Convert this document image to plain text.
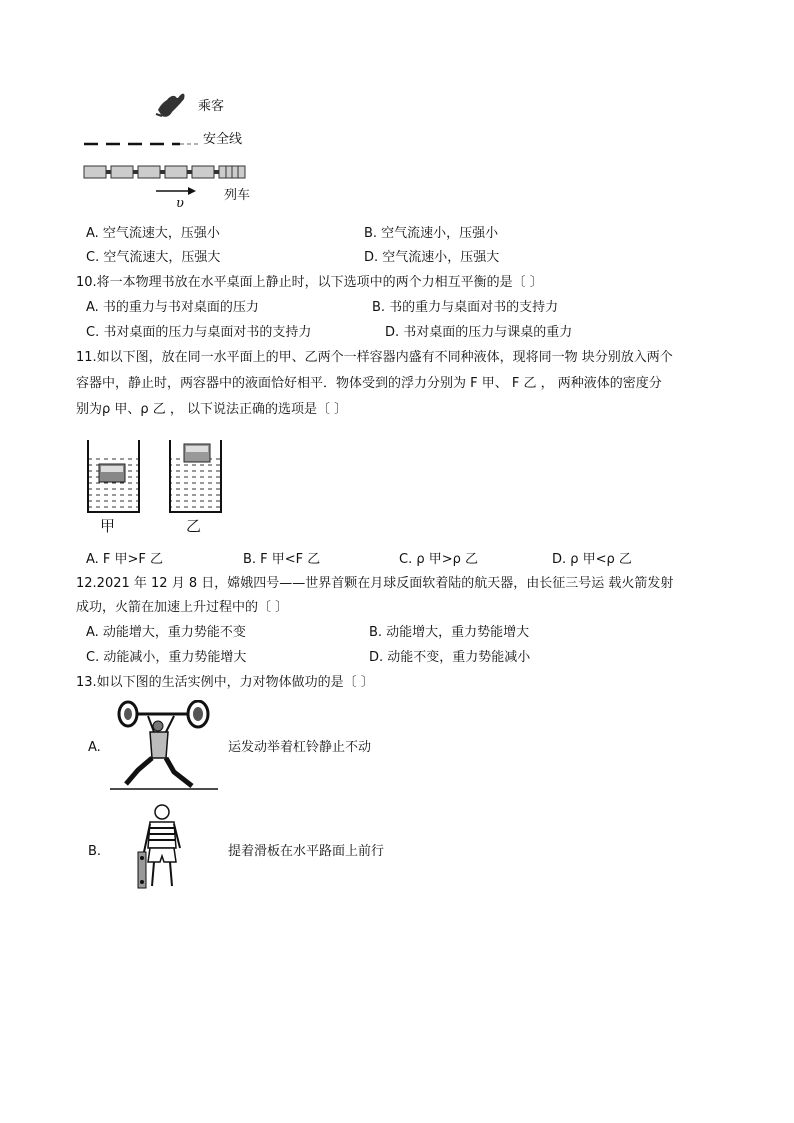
乘客
安全线
列车
υ
A. 空气流速大，压强小	B. 空气流速小，压强小
C. 空气流速大，压强大	D. 空气流速小，压强大
10.将一本物理书放在水平桌面上静止时，以下选项中的两个力相互平衡的是〔 〕
A. 书的重力与书对桌面的压力	B. 书的重力与桌面对书的支持力
C. 书对桌面的压力与桌面对书的支持力	D. 书对桌面的压力与课桌的重力
11.如以下图，放在同一水平面上的甲、乙两个一样容器内盛有不同种液体，现将同一物 块分别放入两个
容器中，静止时，两容器中的液面恰好相平．物体受到的浮力分别为 F 甲、 F 乙 ， 两种液体的密度分
别为ρ 甲、ρ 乙 ， 以下说法正确的选项是〔 〕
甲	乙
A. F 甲>F 乙	B. F 甲<F 乙	C. ρ 甲>ρ 乙	D. ρ 甲<ρ 乙
12.2021 年 12 月 8 日，嫦娥四号——世界首颗在月球反面软着陆的航天器，由长征三号运 载火箭发射
成功，火箭在加速上升过程中的〔 〕
A. 动能增大，重力势能不变	B. 动能增大，重力势能增大
C. 动能减小，重力势能增大	D. 动能不变，重力势能减小
13.如以下图的生活实例中，力对物体做功的是〔 〕
A.	运发动举着杠铃静止不动
B.	提着滑板在水平路面上前行
